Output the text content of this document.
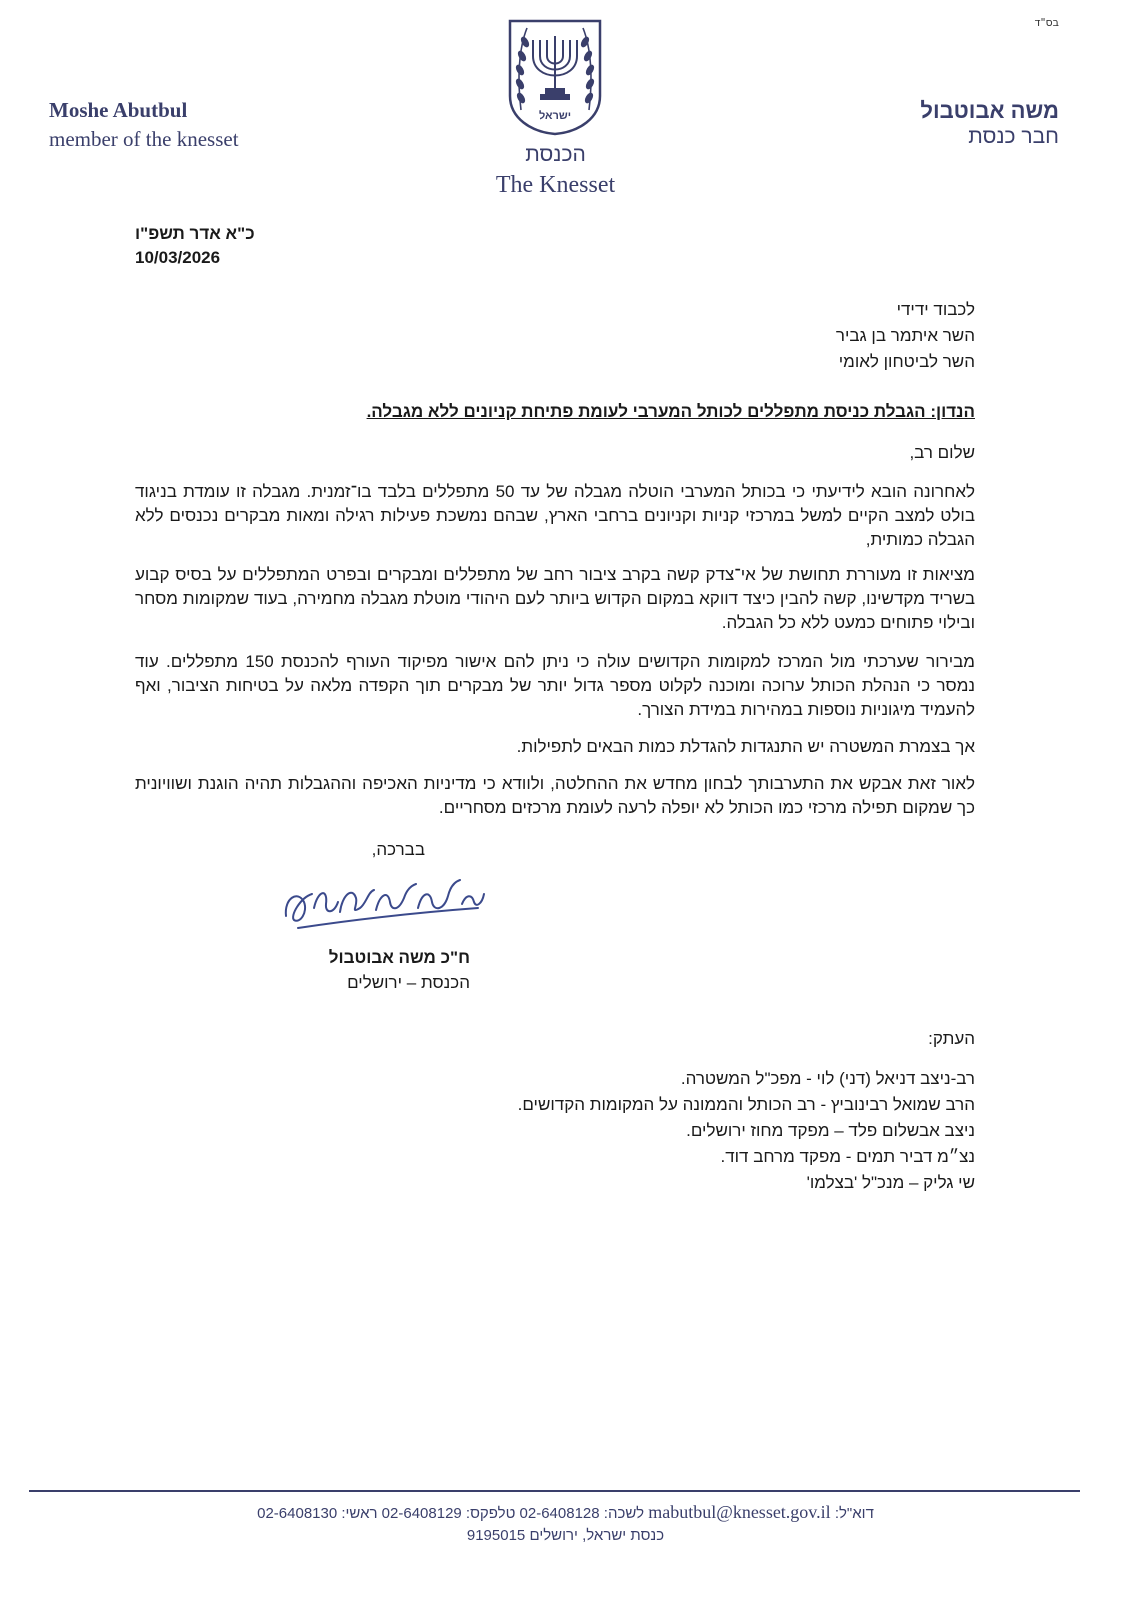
בס"ד
Moshe Abutbul
member of the knesset
משה אבוטבול
חבר כנסת
ישראל
הכנסת
The Knesset
כ"א אדר תשפ"ו
10/03/2026
לכבוד ידידי
השר איתמר בן גביר
השר לביטחון לאומי
הנדון: הגבלת כניסת מתפללים לכותל המערבי לעומת פתיחת קניונים ללא מגבלה.
שלום רב,
לאחרונה הובא לידיעתי כי בכותל המערבי הוטלה מגבלה של עד 50 מתפללים בלבד בו־זמנית. מגבלה זו עומדת בניגוד בולט למצב הקיים למשל במרכזי קניות וקניונים ברחבי הארץ, שבהם נמשכת פעילות רגילה ומאות מבקרים נכנסים ללא הגבלה כמותית,
מציאות זו מעוררת תחושת של אי־צדק קשה בקרב ציבור רחב של מתפללים ומבקרים ובפרט המתפללים על בסיס קבוע בשריד מקדשינו, קשה להבין כיצד דווקא במקום הקדוש ביותר לעם היהודי מוטלת מגבלה מחמירה, בעוד שמקומות מסחר ובילוי פתוחים כמעט ללא כל הגבלה.
מבירור שערכתי מול המרכז למקומות הקדושים עולה כי ניתן להם אישור מפיקוד העורף להכנסת 150 מתפללים. עוד נמסר כי הנהלת הכותל ערוכה ומוכנה לקלוט מספר גדול יותר של מבקרים תוך הקפדה מלאה על בטיחות הציבור, ואף להעמיד מיגוניות נוספות במהירות במידת הצורך.
אך בצמרת המשטרה יש התנגדות להגדלת כמות הבאים לתפילות.
לאור זאת אבקש את התערבותך לבחון מחדש את ההחלטה, ולוודא כי מדיניות האכיפה וההגבלות תהיה הוגנת ושוויונית כך שמקום תפילה מרכזי כמו הכותל לא יופלה לרעה לעומת מרכזים מסחריים.
בברכה,
ח"כ משה אבוטבול
הכנסת – ירושלים
העתק:
רב-ניצב דניאל (דני) לוי - מפכ"ל המשטרה.
הרב שמואל רבינוביץ - רב הכותל והממונה על המקומות הקדושים.
ניצב אבשלום פלד – מפקד מחוז ירושלים.
נצ״מ דביר תמים - מפקד מרחב דוד.
שי גליק – מנכ"ל 'בצלמו'
דוא"ל: mabutbul@knesset.gov.il לשכה: 02-6408128 טלפקס: 02-6408129 ראשי: 02-6408130
כנסת ישראל, ירושלים 9195015
